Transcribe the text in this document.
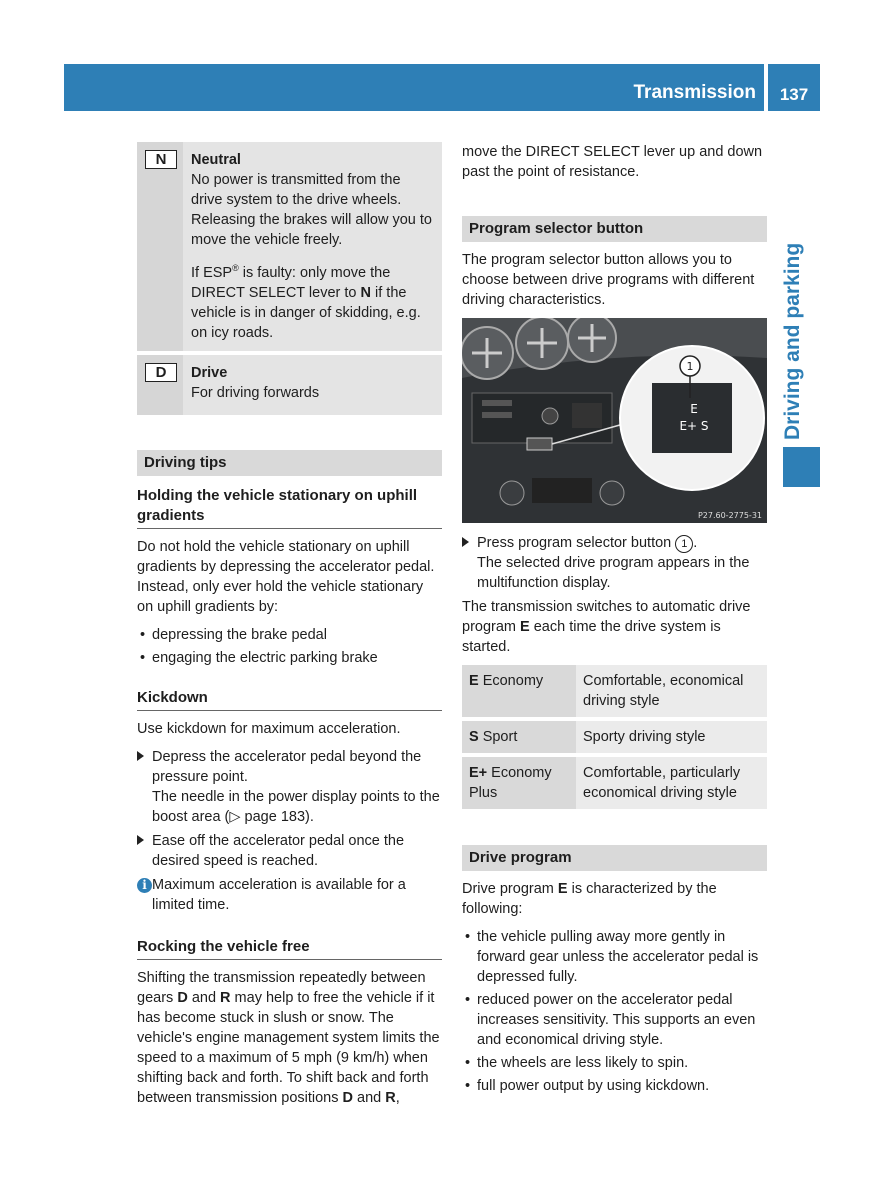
Transmission	137
Driving and parking
N	Neutral
No power is transmitted from the drive system to the drive wheels. Releasing the brakes will allow you to move the vehicle freely.
If ESP® is faulty: only move the DIRECT SELECT lever to N if the vehicle is in danger of skidding, e.g. on icy roads.

D	Drive
For driving forwards
Driving tips
Holding the vehicle stationary on uphill gradients
Do not hold the vehicle stationary on uphill gradients by depressing the accelerator pedal. Instead, only ever hold the vehicle stationary on uphill gradients by:
• depressing the brake pedal
• engaging the electric parking brake
Kickdown
Use kickdown for maximum acceleration.
Depress the accelerator pedal beyond the pressure point.
The needle in the power display points to the boost area (▷ page 183).
Ease off the accelerator pedal once the desired speed is reached.
i Maximum acceleration is available for a limited time.
Rocking the vehicle free
Shifting the transmission repeatedly between gears D and R may help to free the vehicle if it has become stuck in slush or snow. The vehicle's engine management system limits the speed to a maximum of 5 mph (9 km/h) when shifting back and forth. To shift back and forth between transmission positions D and R,
move the DIRECT SELECT lever up and down past the point of resistance.
Program selector button
The program selector button allows you to choose between drive programs with different driving characteristics.
E
E+ S
1
P27.60-2775-31
Press program selector button 1 .
The selected drive program appears in the multifunction display.
The transmission switches to automatic drive program E each time the drive system is started.
E Economy	Comfortable, economical driving style

S Sport	Sporty driving style

E+ Economy Plus	Comfortable, particularly economical driving style
Drive program
Drive program E is characterized by the following:
• the vehicle pulling away more gently in forward gear unless the accelerator pedal is depressed fully.
• reduced power on the accelerator pedal increases sensitivity. This supports an even and economical driving style.
• the wheels are less likely to spin.
• full power output by using kickdown.
